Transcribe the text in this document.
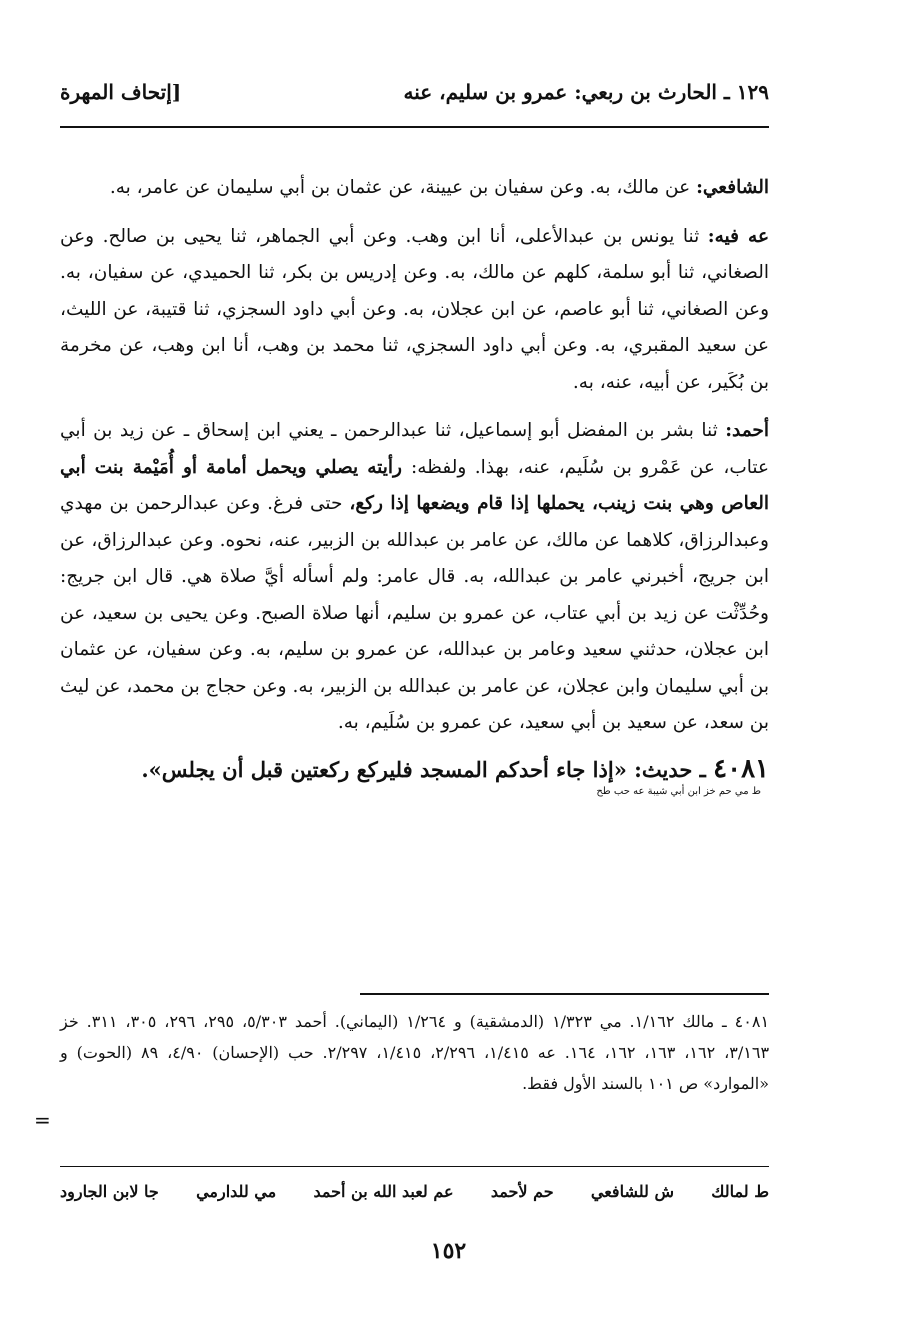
١٢٩ ـ الحارث بن ربعي: عمرو بن سليم، عنه
[إتحاف المهرة

الشافعي: عن مالك، به. وعن سفيان بن عيينة، عن عثمان بن أبي سليمان عن عامر، به.

عه فيه: ثنا يونس بن عبدالأعلى، أنا ابن وهب. وعن أبي الجماهر، ثنا يحيى بن صالح. وعن الصغاني، ثنا أبو سلمة، كلهم عن مالك، به. وعن إدريس بن بكر، ثنا الحميدي، عن سفيان، به. وعن الصغاني، ثنا أبو عاصم، عن ابن عجلان، به. وعن أبي داود السجزي، ثنا قتيبة، عن الليث، عن سعيد المقبري، به. وعن أبي داود السجزي، ثنا محمد بن وهب، أنا ابن وهب، عن مخرمة بن بُكَير، عن أبيه، عنه، به.

أحمد: ثنا بشر بن المفضل أبو إسماعيل، ثنا عبدالرحمن ـ يعني ابن إسحاق ـ عن زيد بن أبي عتاب، عن عَمْرو بن سُلَيم، عنه، بهذا. ولفظه: رأيته يصلي ويحمل أمامة أو أُمَيْمة بنت أبي العاص وهي بنت زينب، يحملها إذا قام ويضعها إذا ركع، حتى فرغ. وعن عبدالرحمن بن مهدي وعبدالرزاق، كلاهما عن مالك، عن عامر بن عبدالله بن الزبير، عنه، نحوه. وعن عبدالرزاق، عن ابن جريج، أخبرني عامر بن عبدالله، به. قال عامر: ولم أسأله أيَّ صلاة هي. قال ابن جريج: وحُدِّثْت عن زيد بن أبي عتاب، عن عمرو بن سليم، أنها صلاة الصبح. وعن يحيى بن سعيد، عن ابن عجلان، حدثني سعيد وعامر بن عبدالله، عن عمرو بن سليم، به. وعن سفيان، عن عثمان بن أبي سليمان وابن عجلان، عن عامر بن عبدالله بن الزبير، به. وعن حجاج بن محمد، عن ليث بن سعد، عن سعيد بن أبي سعيد، عن عمرو بن سُلَيم، به.

٤٠٨١ ـ حديث: «إذا جاء أحدكم المسجد فليركع ركعتين قبل أن يجلس».
ط مي حم خز ابن أبي شيبة عه حب طح
٤٠٨١ ـ مالك ١/١٦٢. مي ١/٣٢٣ (الدمشقية) و ١/٢٦٤ (اليماني). أحمد ٥/٣٠٣، ٢٩٥، ٢٩٦، ٣٠٥، ٣١١. خز ٣/١٦٣، ١٦٢، ١٦٣، ١٦٢، ١٦٤. عه ١/٤١٥، ٢/٢٩٦، ١/٤١٥، ٢/٢٩٧. حب (الإحسان) ٤/٩٠، ٨٩ (الحوت) و «الموارد» ص ١٠١ بالسند الأول فقط.
=
ط لمالك
ش للشافعي
حم لأحمد
عم لعبد الله بن أحمد
مي للدارمي
جا لابن الجارود
١٥٢
